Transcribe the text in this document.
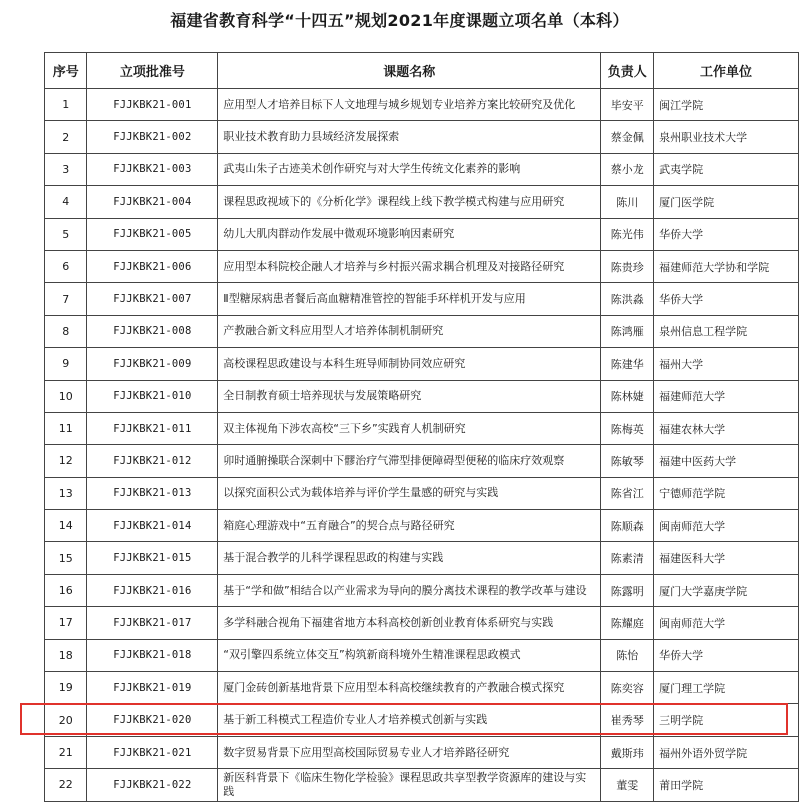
福建省教育科学“十四五”规划2021年度课题立项名单（本科）
序号	立项批准号	课题名称	负责人	工作单位
1	FJJKBK21-001	应用型人才培养目标下人文地理与城乡规划专业培养方案比较研究及优化	毕安平	闽江学院
2	FJJKBK21-002	职业技术教育助力县域经济发展探索	蔡金佩	泉州职业技术大学
3	FJJKBK21-003	武夷山朱子古迹美术创作研究与对大学生传统文化素养的影响	蔡小龙	武夷学院
4	FJJKBK21-004	课程思政视域下的《分析化学》课程线上线下教学模式构建与应用研究	陈川	厦门医学院
5	FJJKBK21-005	幼儿大肌肉群动作发展中微观环境影响因素研究	陈光伟	华侨大学
6	FJJKBK21-006	应用型本科院校企融人才培养与乡村振兴需求耦合机理及对接路径研究	陈贵珍	福建师范大学协和学院
7	FJJKBK21-007	Ⅱ型糖尿病患者餐后高血糖精准管控的智能手环样机开发与应用	陈洪淼	华侨大学
8	FJJKBK21-008	产教融合新文科应用型人才培养体制机制研究	陈鸿雁	泉州信息工程学院
9	FJJKBK21-009	高校课程思政建设与本科生班导师制协同效应研究	陈建华	福州大学
10	FJJKBK21-010	全日制教育硕士培养现状与发展策略研究	陈林婕	福建师范大学
11	FJJKBK21-011	双主体视角下涉农高校“三下乡”实践育人机制研究	陈梅英	福建农林大学
12	FJJKBK21-012	卯时通腑操联合深刺中下髎治疗气滞型排便障碍型便秘的临床疗效观察	陈敏琴	福建中医药大学
13	FJJKBK21-013	以探究面积公式为载体培养与评价学生量感的研究与实践	陈省江	宁德师范学院
14	FJJKBK21-014	箱庭心理游戏中“五育融合”的契合点与路径研究	陈顺森	闽南师范大学
15	FJJKBK21-015	基于混合教学的儿科学课程思政的构建与实践	陈素清	福建医科大学
16	FJJKBK21-016	基于“学和做”相结合以产业需求为导向的膜分离技术课程的教学改革与建设	陈露明	厦门大学嘉庚学院
17	FJJKBK21-017	多学科融合视角下福建省地方本科高校创新创业教育体系研究与实践	陈耀庭	闽南师范大学
18	FJJKBK21-018	“双引擎四系统立体交互”构筑新商科境外生精准课程思政模式	陈怡	华侨大学
19	FJJKBK21-019	厦门金砖创新基地背景下应用型本科高校继续教育的产教融合模式探究	陈奕容	厦门理工学院
20	FJJKBK21-020	基于新工科模式工程造价专业人才培养模式创新与实践	崔秀琴	三明学院
21	FJJKBK21-021	数字贸易背景下应用型高校国际贸易专业人才培养路径研究	戴斯玮	福州外语外贸学院
22	FJJKBK21-022	新医科背景下《临床生物化学检验》课程思政共享型教学资源库的建设与实践	董雯	莆田学院
